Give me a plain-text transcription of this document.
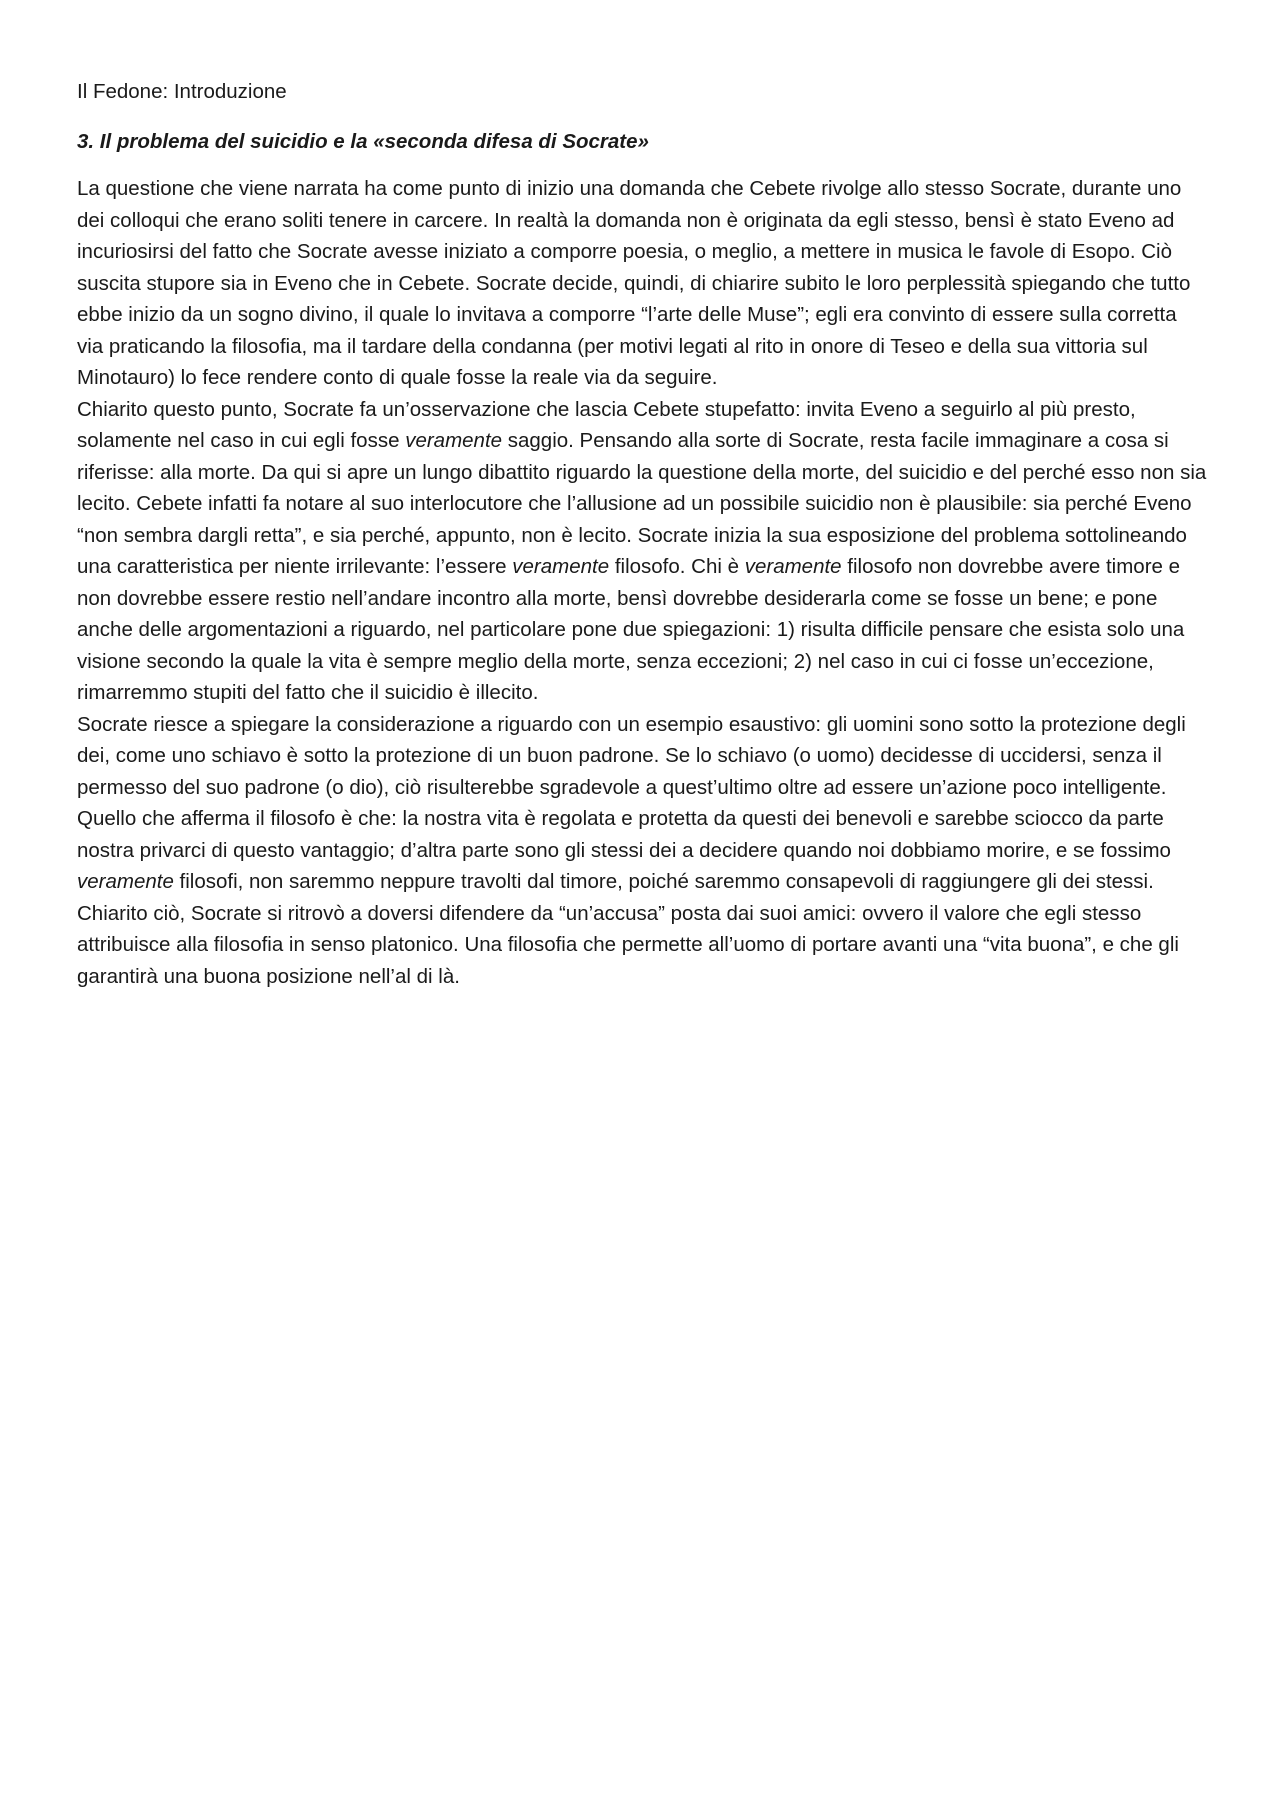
Il Fedone: Introduzione

3. Il problema del suicidio e la «seconda difesa di Socrate»

La questione che viene narrata ha come punto di inizio una domanda che Cebete rivolge allo stesso Socrate, durante uno dei colloqui che erano soliti tenere in carcere. In realtà la domanda non è originata da egli stesso, bensì è stato Eveno ad incuriosirsi del fatto che Socrate avesse iniziato a comporre poesia, o meglio, a mettere in musica le favole di Esopo. Ciò suscita stupore sia in Eveno che in Cebete. Socrate decide, quindi, di chiarire subito le loro perplessità spiegando che tutto ebbe inizio da un sogno divino, il quale lo invitava a comporre “l’arte delle Muse”; egli era convinto di essere sulla corretta via praticando la filosofia, ma il tardare della condanna (per motivi legati al rito in onore di Teseo e della sua vittoria sul Minotauro) lo fece rendere conto di quale fosse la reale via da seguire.

Chiarito questo punto, Socrate fa un’osservazione che lascia Cebete stupefatto: invita Eveno a seguirlo al più presto, solamente nel caso in cui egli fosse veramente saggio. Pensando alla sorte di Socrate, resta facile immaginare a cosa si riferisse: alla morte. Da qui si apre un lungo dibattito riguardo la questione della morte, del suicidio e del perché esso non sia lecito. Cebete infatti fa notare al suo interlocutore che l’allusione ad un possibile suicidio non è plausibile: sia perché Eveno “non sembra dargli retta”, e sia perché, appunto, non è lecito. Socrate inizia la sua esposizione del problema sottolineando una caratteristica per niente irrilevante: l’essere veramente filosofo. Chi è veramente filosofo non dovrebbe avere timore e non dovrebbe essere restio nell’andare incontro alla morte, bensì dovrebbe desiderarla come se fosse un bene; e pone anche delle argomentazioni a riguardo, nel particolare pone due spiegazioni: 1) risulta difficile pensare che esista solo una visione secondo la quale la vita è sempre meglio della morte, senza eccezioni; 2) nel caso in cui ci fosse un’eccezione, rimarremmo stupiti del fatto che il suicidio è illecito.

Socrate riesce a spiegare la considerazione a riguardo con un esempio esaustivo: gli uomini sono sotto la protezione degli dei, come uno schiavo è sotto la protezione di un buon padrone. Se lo schiavo (o uomo) decidesse di uccidersi, senza il permesso del suo padrone (o dio), ciò risulterebbe sgradevole a quest’ultimo oltre ad essere un’azione poco intelligente. Quello che afferma il filosofo è che: la nostra vita è regolata e protetta da questi dei benevoli e sarebbe sciocco da parte nostra privarci di questo vantaggio; d’altra parte sono gli stessi dei a decidere quando noi dobbiamo morire, e se fossimo veramente filosofi, non saremmo neppure travolti dal timore, poiché saremmo consapevoli di raggiungere gli dei stessi.

Chiarito ciò, Socrate si ritrovò a doversi difendere da “un’accusa” posta dai suoi amici: ovvero il valore che egli stesso attribuisce alla filosofia in senso platonico. Una filosofia che permette all’uomo di portare avanti una “vita buona”, e che gli garantirà una buona posizione nell’al di là.
